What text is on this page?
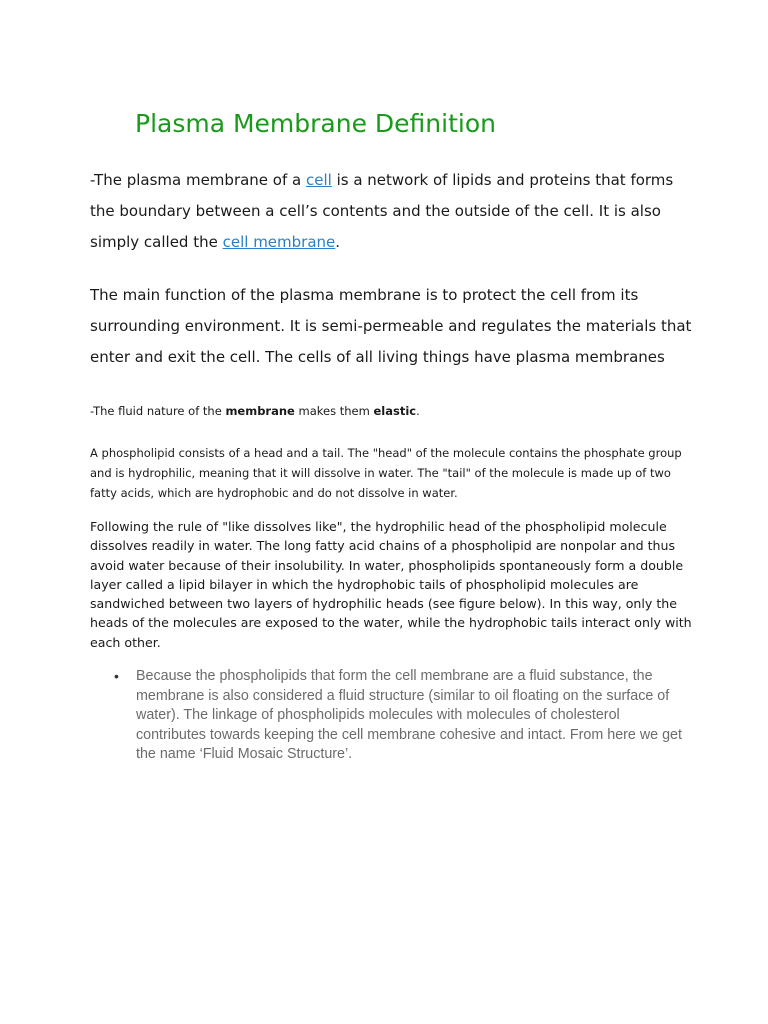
Plasma Membrane Definition

-The plasma membrane of a cell is a network of lipids and proteins that forms the boundary between a cell’s contents and the outside of the cell. It is also simply called the cell membrane.

The main function of the plasma membrane is to protect the cell from its surrounding environment. It is semi-permeable and regulates the materials that enter and exit the cell. The cells of all living things have plasma membranes

-The fluid nature of the membrane makes them elastic.

A phospholipid consists of a head and a tail. The "head" of the molecule contains the phosphate group and is hydrophilic, meaning that it will dissolve in water. The "tail" of the molecule is made up of two fatty acids, which are hydrophobic and do not dissolve in water.

Following the rule of "like dissolves like", the hydrophilic head of the phospholipid molecule dissolves readily in water. The long fatty acid chains of a phospholipid are nonpolar and thus avoid water because of their insolubility. In water, phospholipids spontaneously form a double layer called a lipid bilayer in which the hydrophobic tails of phospholipid molecules are sandwiched between two layers of hydrophilic heads (see figure below). In this way, only the heads of the molecules are exposed to the water, while the hydrophobic tails interact only with each other.

• Because the phospholipids that form the cell membrane are a fluid substance, the membrane is also considered a fluid structure (similar to oil floating on the surface of water). The linkage of phospholipids molecules with molecules of cholesterol contributes towards keeping the cell membrane cohesive and intact. From here we get the name ‘Fluid Mosaic Structure’.
